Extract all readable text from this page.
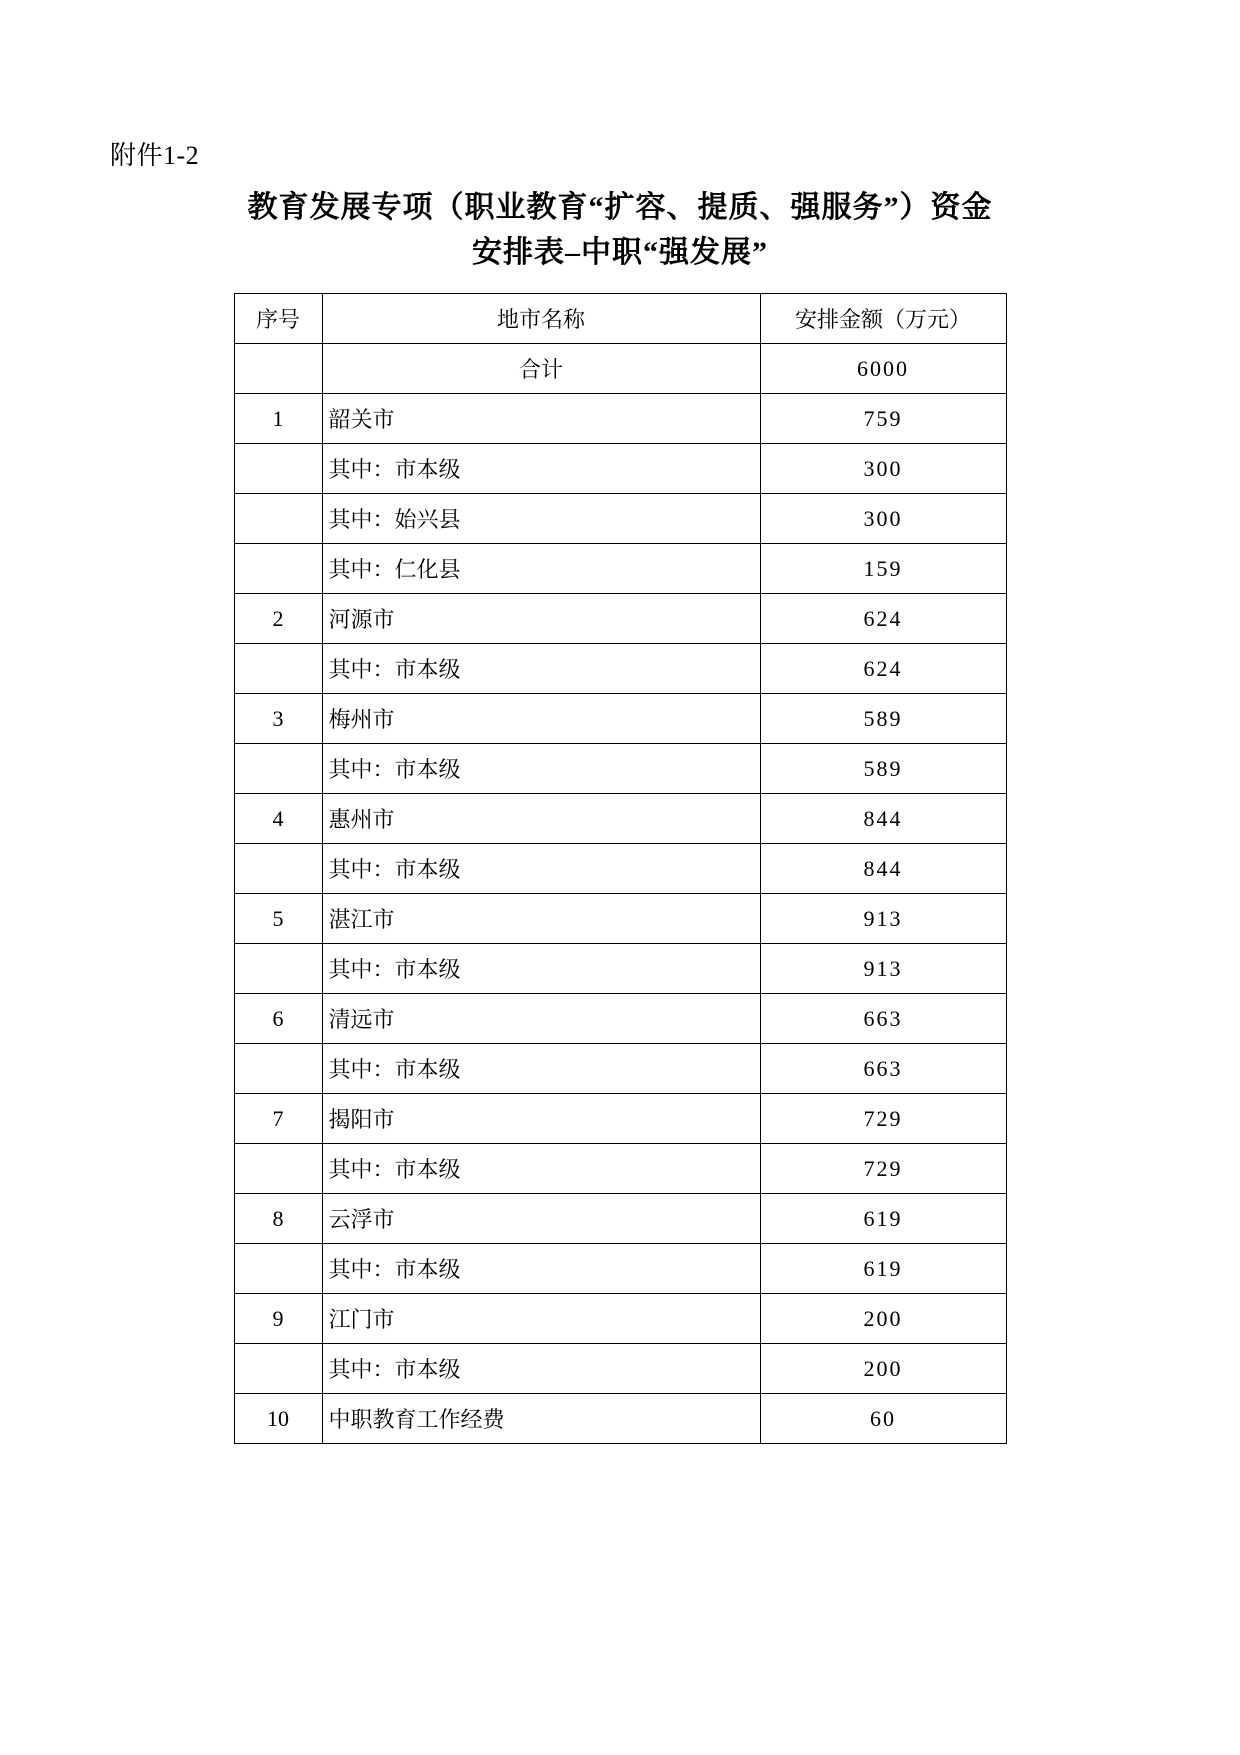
附件1-2
教育发展专项（职业教育“扩容、提质、强服务”）资金
安排表–中职“强发展”
序号	地市名称	安排金额（万元）
	合计	6000
1	韶关市	759
	其中：市本级	300
	其中：始兴县	300
	其中：仁化县	159
2	河源市	624
	其中：市本级	624
3	梅州市	589
	其中：市本级	589
4	惠州市	844
	其中：市本级	844
5	湛江市	913
	其中：市本级	913
6	清远市	663
	其中：市本级	663
7	揭阳市	729
	其中：市本级	729
8	云浮市	619
	其中：市本级	619
9	江门市	200
	其中：市本级	200
10	中职教育工作经费	60
